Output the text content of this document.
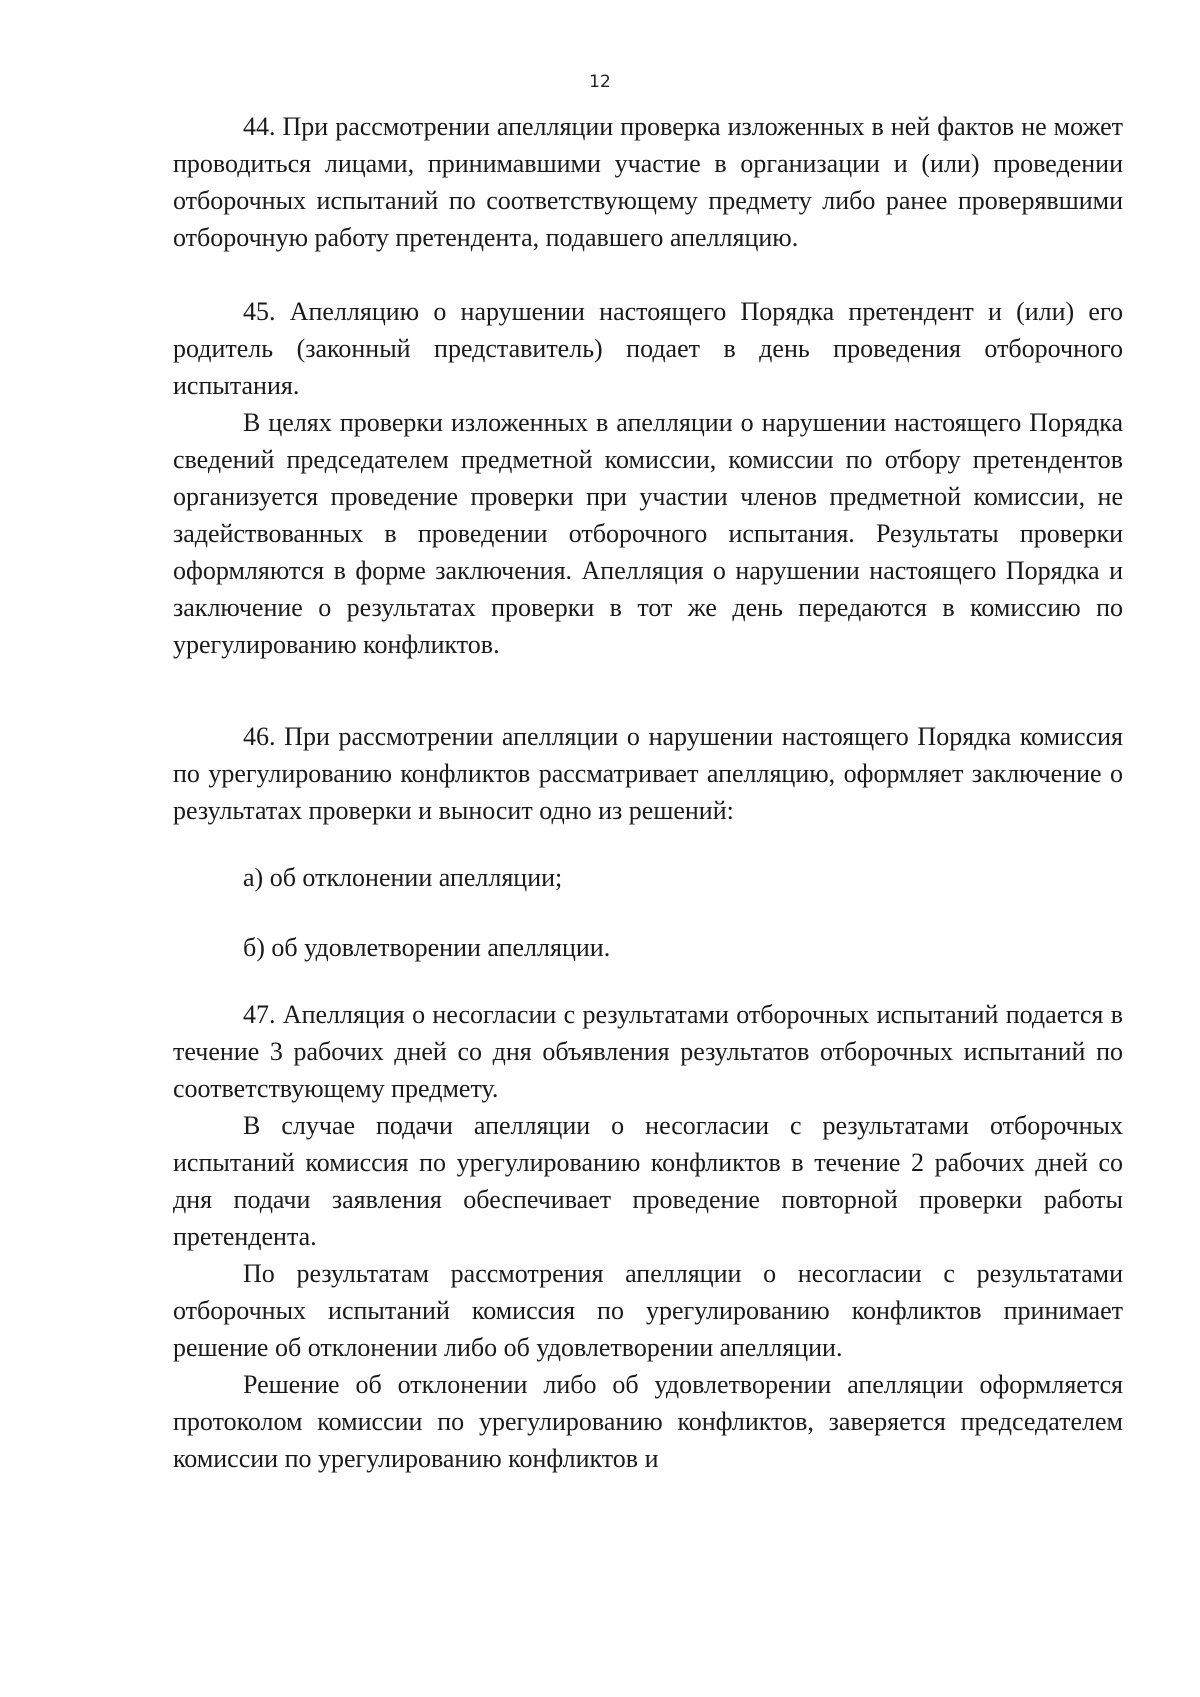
12

44. При рассмотрении апелляции проверка изложенных в ней фактов не может проводиться лицами, принимавшими участие в организации и (или) проведении отборочных испытаний по соответствующему предмету либо ранее проверявшими отборочную работу претендента, подавшего апелляцию.

45. Апелляцию о нарушении настоящего Порядка претендент и (или) его родитель (законный представитель) подает в день проведения отборочного испытания.

В целях проверки изложенных в апелляции о нарушении настоящего Порядка сведений председателем предметной комиссии, комиссии по отбору претендентов организуется проведение проверки при участии членов предметной комиссии, не задействованных в проведении отборочного испытания. Результаты проверки оформляются в форме заключения. Апелляция о нарушении настоящего Порядка и заключение о результатах проверки в тот же день передаются в комиссию по урегулированию конфликтов.

46. При рассмотрении апелляции о нарушении настоящего Порядка комиссия по урегулированию конфликтов рассматривает апелляцию, оформляет заключение о результатах проверки и выносит одно из решений:

а) об отклонении апелляции;

б) об удовлетворении апелляции.

47. Апелляция о несогласии с результатами отборочных испытаний подается в течение 3 рабочих дней со дня объявления результатов отборочных испытаний по соответствующему предмету.

В случае подачи апелляции о несогласии с результатами отборочных испытаний комиссия по урегулированию конфликтов в течение 2 рабочих дней со дня подачи заявления обеспечивает проведение повторной проверки работы претендента.

По результатам рассмотрения апелляции о несогласии с результатами отборочных испытаний комиссия по урегулированию конфликтов принимает решение об отклонении либо об удовлетворении апелляции.

Решение об отклонении либо об удовлетворении апелляции оформляется протоколом комиссии по урегулированию конфликтов, заверяется председателем комиссии по урегулированию конфликтов и
